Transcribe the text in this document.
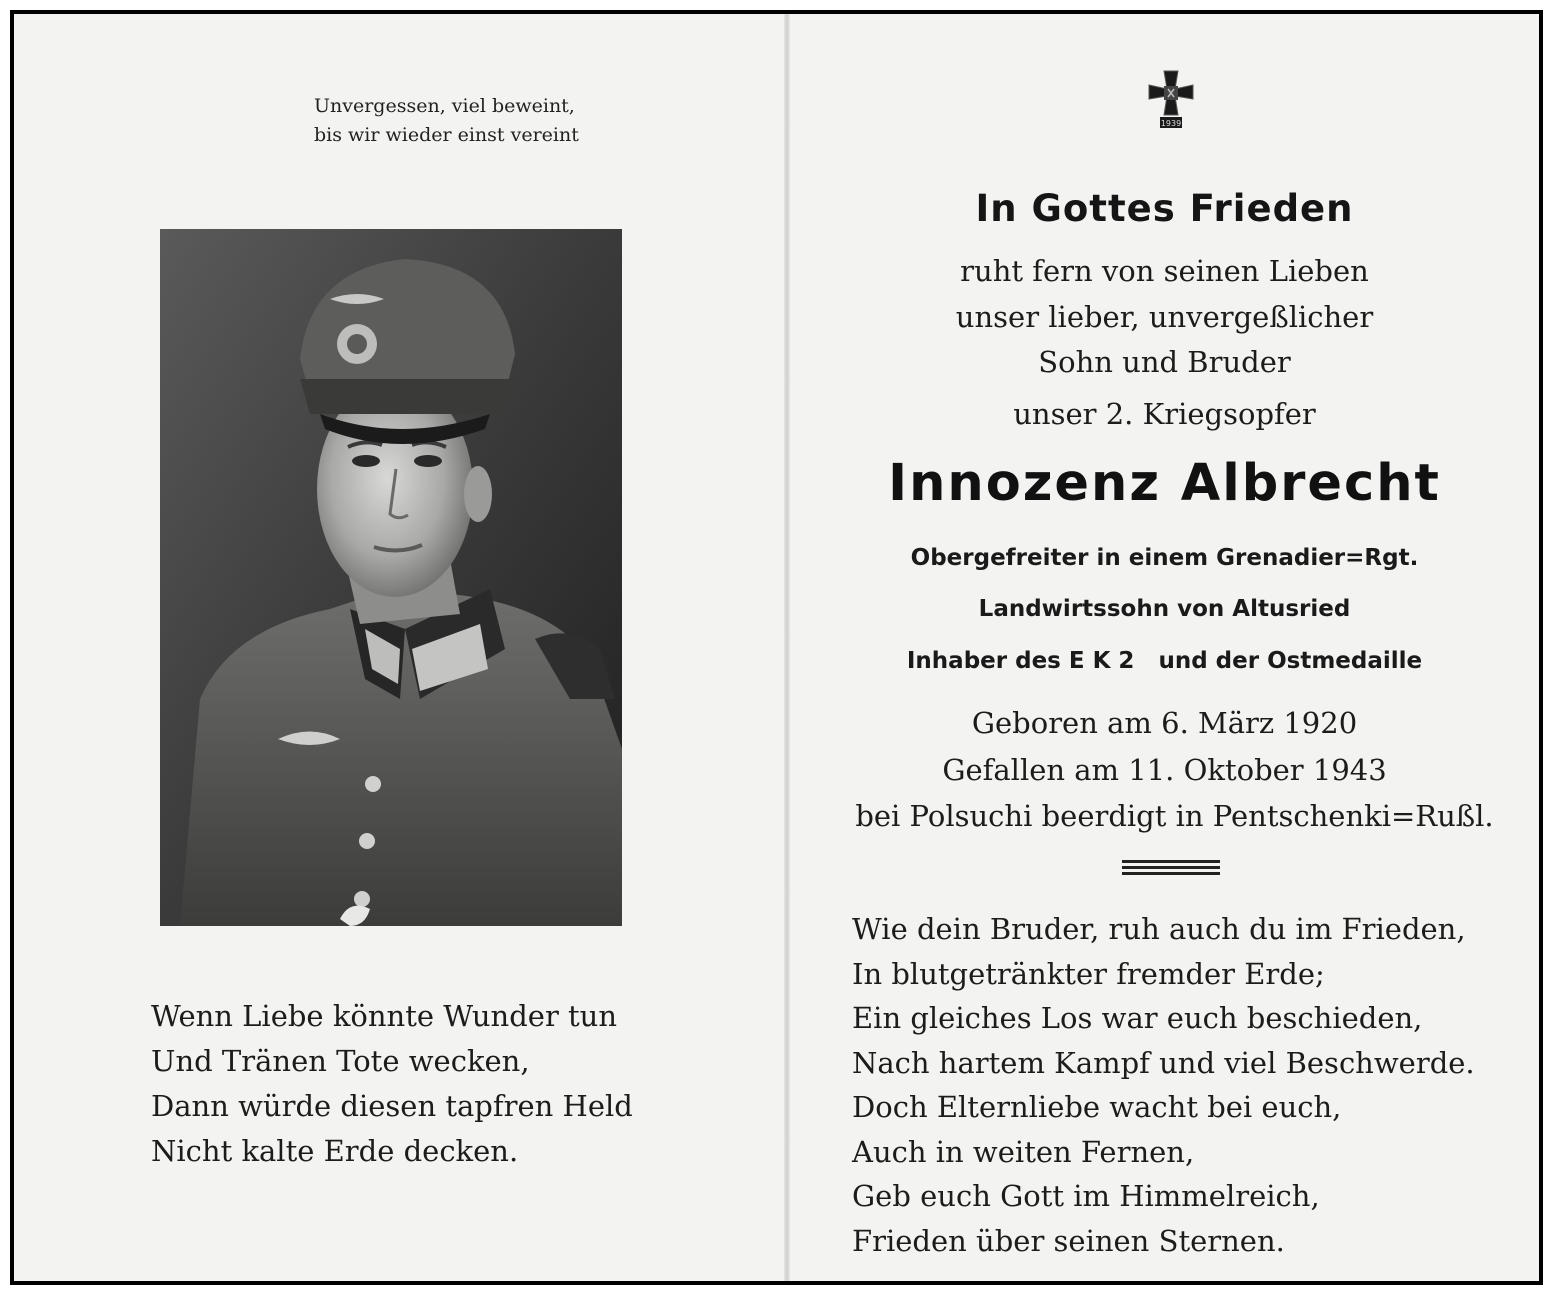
Unvergessen, viel beweint,
bis wir wieder einst vereint
Wenn Liebe könnte Wunder tun
Und Tränen Tote wecken,
Dann würde diesen tapfren Held
Nicht kalte Erde decken.
1939
In Gottes Frieden
ruht fern von seinen Lieben
unser lieber, unvergeßlicher
Sohn und Bruder
unser 2. Kriegsopfer
Innozenz Albrecht
Obergefreiter in einem Grenadier=Rgt.
Landwirtssohn von Altusried
Inhaber des E K 2   und der Ostmedaille
Geboren am 6. März 1920
Gefallen am 11. Oktober 1943
bei Polsuchi beerdigt in Pentschenki=Rußl.
Wie dein Bruder, ruh auch du im Frieden,
In blutgetränkter fremder Erde;
Ein gleiches Los war euch beschieden,
Nach hartem Kampf und viel Beschwerde.
Doch Elternliebe wacht bei euch,
Auch in weiten Fernen,
Geb euch Gott im Himmelreich,
Frieden über seinen Sternen.
